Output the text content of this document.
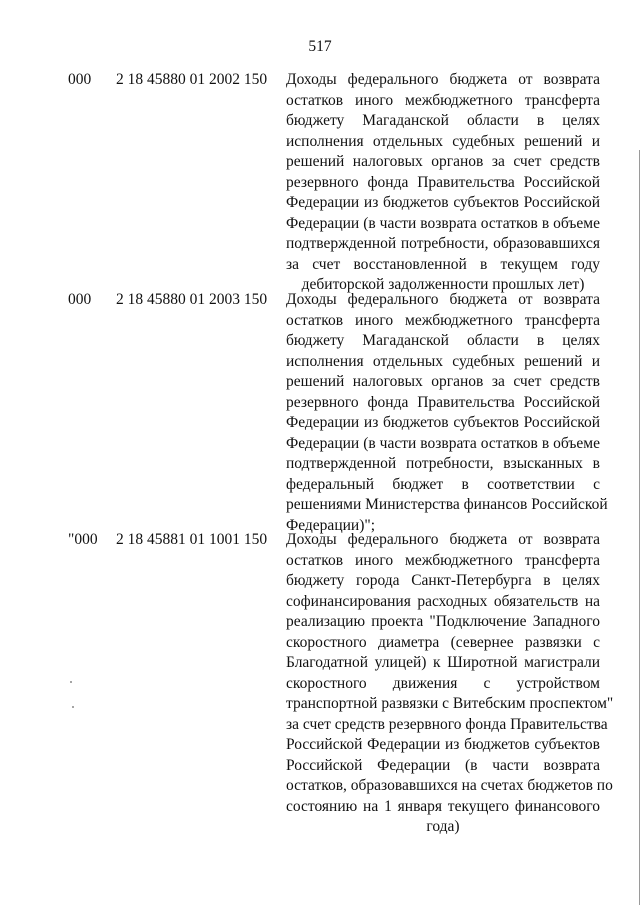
517
000 2 18 45880 01 2002 150 Доходы федерального бюджета от возврата
остатков иного межбюджетного трансферта
бюджету Магаданской области в целях
исполнения отдельных судебных решений и
решений налоговых органов за счет средств
резервного фонда Правительства Российской
Федерации из бюджетов субъектов Российской
Федерации (в части возврата остатков в объеме
подтвержденной потребности, образовавшихся
за счет восстановленной в текущем году
дебиторской задолженности прошлых лет)
000 2 18 45880 01 2003 150 Доходы федерального бюджета от возврата
остатков иного межбюджетного трансферта
бюджету Магаданской области в целях
исполнения отдельных судебных решений и
решений налоговых органов за счет средств
резервного фонда Правительства Российской
Федерации из бюджетов субъектов Российской
Федерации (в части возврата остатков в объеме
подтвержденной потребности, взысканных в
федеральный бюджет в соответствии с
решениями Министерства финансов Российской
Федерации)";
"000 2 18 45881 01 1001 150 Доходы федерального бюджета от возврата
остатков иного межбюджетного трансферта
бюджету города Санкт-Петербурга в целях
софинансирования расходных обязательств на
реализацию проекта "Подключение Западного
скоростного диаметра (севернее развязки с
Благодатной улицей) к Широтной магистрали
скоростного движения с устройством
транспортной развязки с Витебским проспектом"
за счет средств резервного фонда Правительства
Российской Федерации из бюджетов субъектов
Российской Федерации (в части возврата
остатков, образовавшихся на счетах бюджетов по
состоянию на 1 января текущего финансового
года)
